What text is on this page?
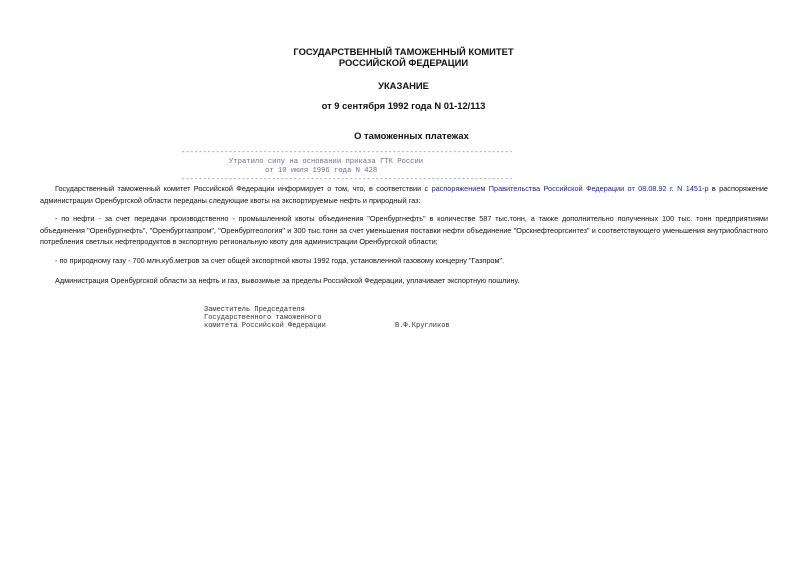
ГОСУДАРСТВЕННЫЙ ТАМОЖЕННЫЙ КОМИТЕТ

РОССИЙСКОЙ ФЕДЕРАЦИИ

УКАЗАНИЕ

от 9 сентября 1992 года N 01-12/113

О таможенных платежах

-----------------------------------------------------------------------------

Утратило силу на основании приказа ГТК России

от 10 июля 1996 года N 428

-----------------------------------------------------------------------------

Государственный таможенный комитет Российской Федерации информирует о том, что, в соответствии с распоряжением Правительства Российской Федерации от 08.08.92 г. N 1451-р в распоряжение администрации Оренбургской области переданы следующие квоты на экспортируемые нефть и природный газ:

- по нефти - за счет передачи производственно - промышленной квоты объединения "Оренбургнефть" в количестве 587 тыс.тонн, а также дополнительно полученных 100 тыс. тонн предприятиями объединения "Оренбургнефть", "Оренбурггазпром", "Оренбурггеология" и 300 тыс.тонн за счет уменьшения поставки нефти объединение "Орскнефтеоргсинтез" и соответствующего уменьшения внутриобластного потребления светлых нефтепродуктов в экспортную региональную квоту для администрации Оренбургской области;

- по природному газу - 700 млн.куб.метров за счет общей экспортной квоты 1992 года, установленной газовому концерну "Газпром".

Администрация Оренбургской области за нефть и газ, вывозимые за пределы Российской Федерации, уплачивает экспортную пошлину.

Заместитель Председателя

Государственного таможенного

комитета Российской Федерации	В.Ф.Кругликов
